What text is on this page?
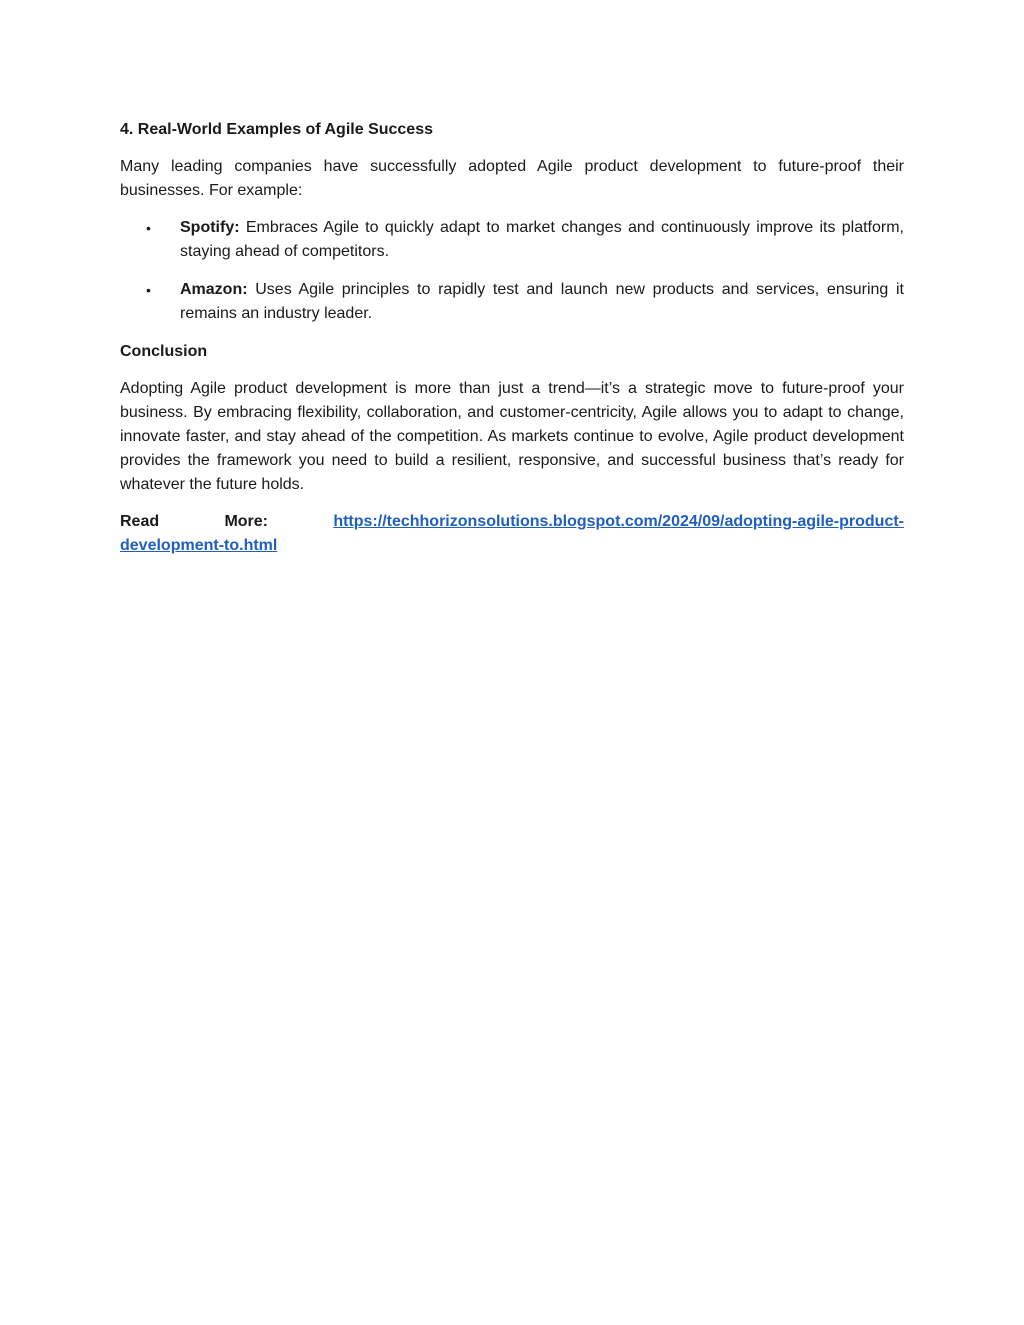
4. Real-World Examples of Agile Success

Many leading companies have successfully adopted Agile product development to future-proof their businesses. For example:

• Spotify: Embraces Agile to quickly adapt to market changes and continuously improve its platform, staying ahead of competitors.
• Amazon: Uses Agile principles to rapidly test and launch new products and services, ensuring it remains an industry leader.
Conclusion

Adopting Agile product development is more than just a trend—it’s a strategic move to future-proof your business. By embracing flexibility, collaboration, and customer-centricity, Agile allows you to adapt to change, innovate faster, and stay ahead of the competition. As markets continue to evolve, Agile product development provides the framework you need to build a resilient, responsive, and successful business that’s ready for whatever the future holds.

Read	More:	https://techhorizonsolutions.blogspot.com/2024/09/adopting-agile-product-
development-to.html
